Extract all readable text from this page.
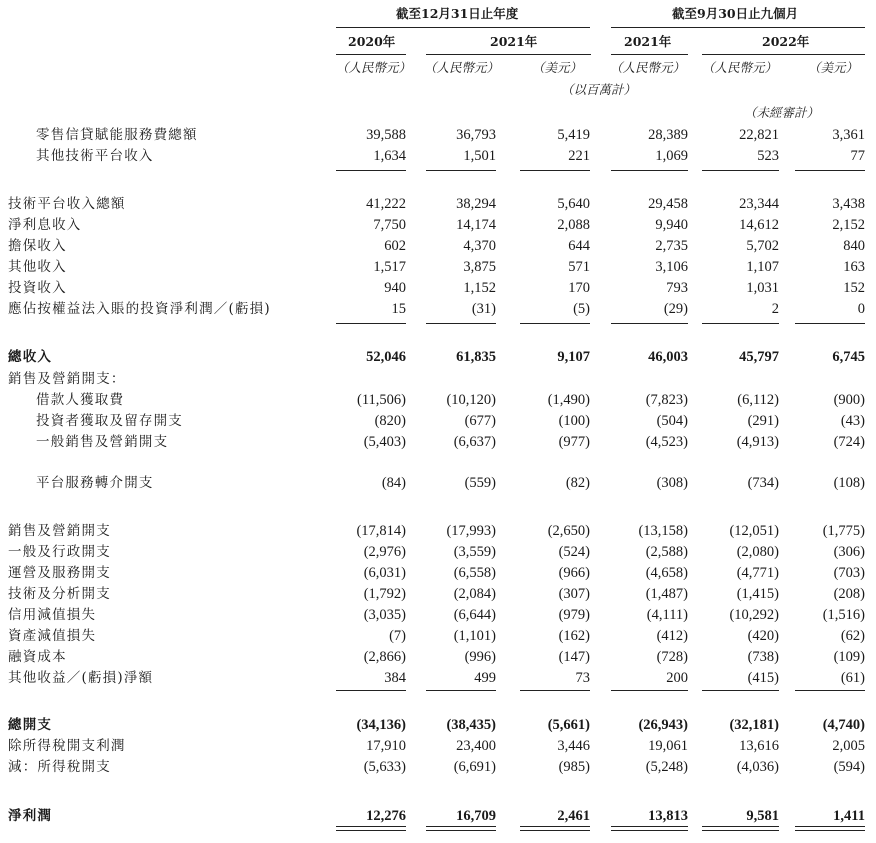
截至12月31日止年度	截至9月30日止九個月
2020年	2021年	2021年	2022年
（人民幣元） （人民幣元）	（美元） （人民幣元） （人民幣元） （美元）
（以百萬計）
（未經審計）
零售信貸賦能服務費總額	39,588	36,793	5,419	28,389	22,821	3,361
其他技術平台收入	1,634	1,501	221	1,069	523	77
技術平台收入總額	41,222	38,294	5,640	29,458	23,344	3,438
淨利息收入	7,750	14,174	2,088	9,940	14,612	2,152
擔保收入	602	4,370	644	2,735	5,702	840
其他收入	1,517	3,875	571	3,106	1,107	163
投資收入	940	1,152	170	793	1,031	152
應佔按權益法入賬的投資淨利潤／(虧損)	15	(31)	(5)	(29)	2	0
總收入	52,046	61,835	9,107	46,003	45,797	6,745
銷售及營銷開支：
借款人獲取費	(11,506)	(10,120)	(1,490)	(7,823)	(6,112)	(900)
投資者獲取及留存開支	(820)	(677)	(100)	(504)	(291)	(43)
一般銷售及營銷開支	(5,403)	(6,637)	(977)	(4,523)	(4,913)	(724)
平台服務轉介開支	(84)	(559)	(82)	(308)	(734)	(108)
銷售及營銷開支	(17,814)	(17,993)	(2,650)	(13,158)	(12,051)	(1,775)
一般及行政開支	(2,976)	(3,559)	(524)	(2,588)	(2,080)	(306)
運營及服務開支	(6,031)	(6,558)	(966)	(4,658)	(4,771)	(703)
技術及分析開支	(1,792)	(2,084)	(307)	(1,487)	(1,415)	(208)
信用減值損失	(3,035)	(6,644)	(979)	(4,111)	(10,292)	(1,516)
資產減值損失	(7)	(1,101)	(162)	(412)	(420)	(62)
融資成本	(2,866)	(996)	(147)	(728)	(738)	(109)
其他收益／(虧損)淨額	384	499	73	200	(415)	(61)
總開支	(34,136)	(38,435)	(5,661)	(26,943)	(32,181)	(4,740)
除所得稅開支利潤	17,910	23,400	3,446	19,061	13,616	2,005
減：所得稅開支	(5,633)	(6,691)	(985)	(5,248)	(4,036)	(594)
淨利潤	12,276	16,709	2,461	13,813	9,581	1,411
